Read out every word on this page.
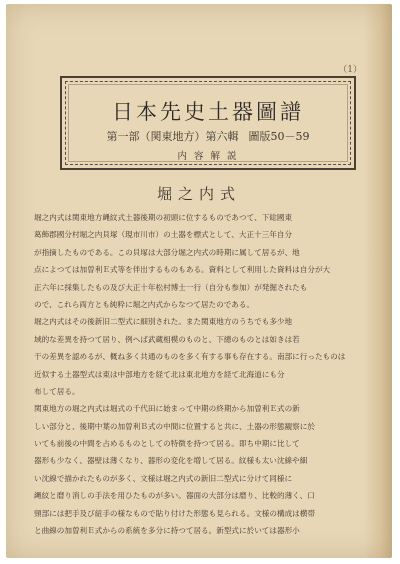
（1）
日本先史土器圖譜
第一部（関東地方）第六輯 圖版50－59
内 容 解 説
堀之内式
堀之内式は関東地方縄紋式土器後期の初頭に位するものであつて、下総國東
葛飾郡國分村堀之内貝塚（現市川市）の土器を標式として、大正十三年自分
が指摘したものである。この貝塚は大部分堀之内式の時期に属して居るが、地
点によつては加曽利Ｅ式等を伴出するものもある。資料として利用した資料は自分が大
正六年に採集したもの及び大正十年松村博士一行（自分も参加）が発掘されたも
ので、これら両方とも純粋に堀之内式からなつて居たのである。
堀之内式はその後新旧二型式に細別された。また関東地方のうちでも多少地
域的な差異を持つて居り、例へば武蔵相模のものと、下總のものとは如きは若
干の差異を認めるが、概ね多く共通のものを多く有する事も存在する。南部に行ったものは
近似する土器型式は東は中部地方を経て北は東北地方を経て北海道にも分
布して居る。
関東地方の堀之内式は堀式の千代田に始まって中期の終期から加曽利Ｅ式の新
しい部分と、後期中葉の加曽利Ｂ式の中間に位置すると共に、土器の形態観察に於
いても前後の中間を占めるものとしての特徴を持つて居る。即ち中期に比して
器形も少なく、器壁は薄くなり、器形の変化を増して居る。紋様も太い沈線や細
い沈線で描かれたものが多く、文様は堀之内式の新旧二型式に分けて同様に
縄紋と磨り消しの手法を用ひたものが多い。器面の大部分は磨り、比較的薄く、口
頸部には把手及び紐手の様なもので貼り付けた形態も見られる。文様の構成は横帯
と曲線の加曽利Ｅ式からの系統を多分に持つて居る。新型式に於いては器形小
